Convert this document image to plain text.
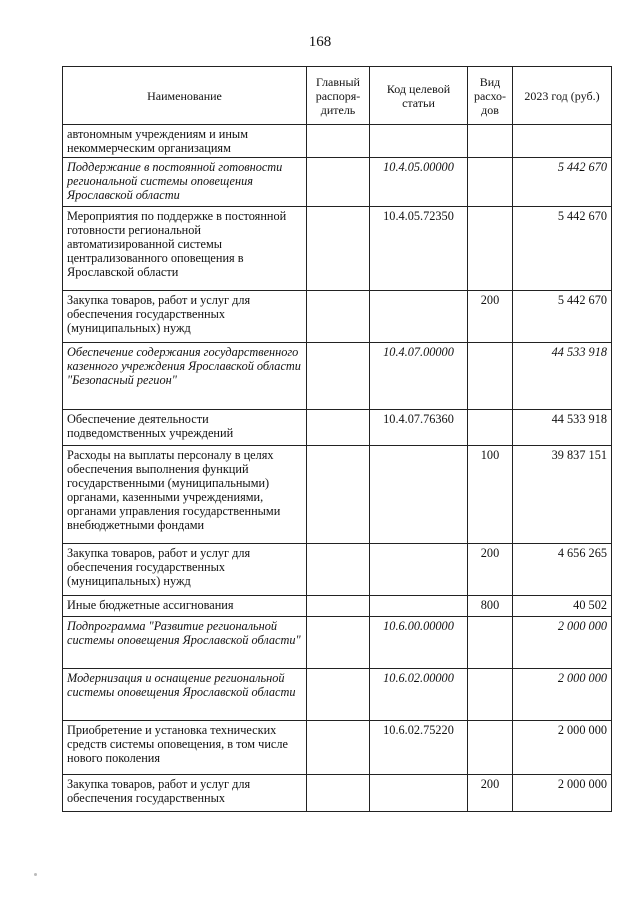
168
Наименование	Главный распоря-дитель	Код целевой статьи	Вид расхо-дов	2023 год (руб.)
автономным учреждениям и иным некоммерческим организациям				
Поддержание в постоянной готовности региональной системы оповещения Ярославской области		10.4.05.00000		5 442 670
Мероприятия по поддержке в постоянной готовности региональной автоматизированной системы централизованного оповещения в Ярославской области		10.4.05.72350		5 442 670
Закупка товаров, работ и услуг для обеспечения государственных (муниципальных) нужд			200	5 442 670
Обеспечение содержания государственного казенного учреждения Ярославской области "Безопасный регион"		10.4.07.00000		44 533 918
Обеспечение деятельности подведомственных учреждений		10.4.07.76360		44 533 918
Расходы на выплаты персоналу в целях обеспечения выполнения функций государственными (муниципальными) органами, казенными учреждениями, органами управления государственными внебюджетными фондами			100	39 837 151
Закупка товаров, работ и услуг для обеспечения государственных (муниципальных) нужд			200	4 656 265
Иные бюджетные ассигнования			800	40 502
Подпрограмма "Развитие региональной системы оповещения Ярославской области"		10.6.00.00000		2 000 000
Модернизация и оснащение региональной системы оповещения Ярославской области		10.6.02.00000		2 000 000
Приобретение и установка технических средств системы оповещения, в том числе нового поколения		10.6.02.75220		2 000 000
Закупка товаров, работ и услуг для обеспечения государственных			200	2 000 000
